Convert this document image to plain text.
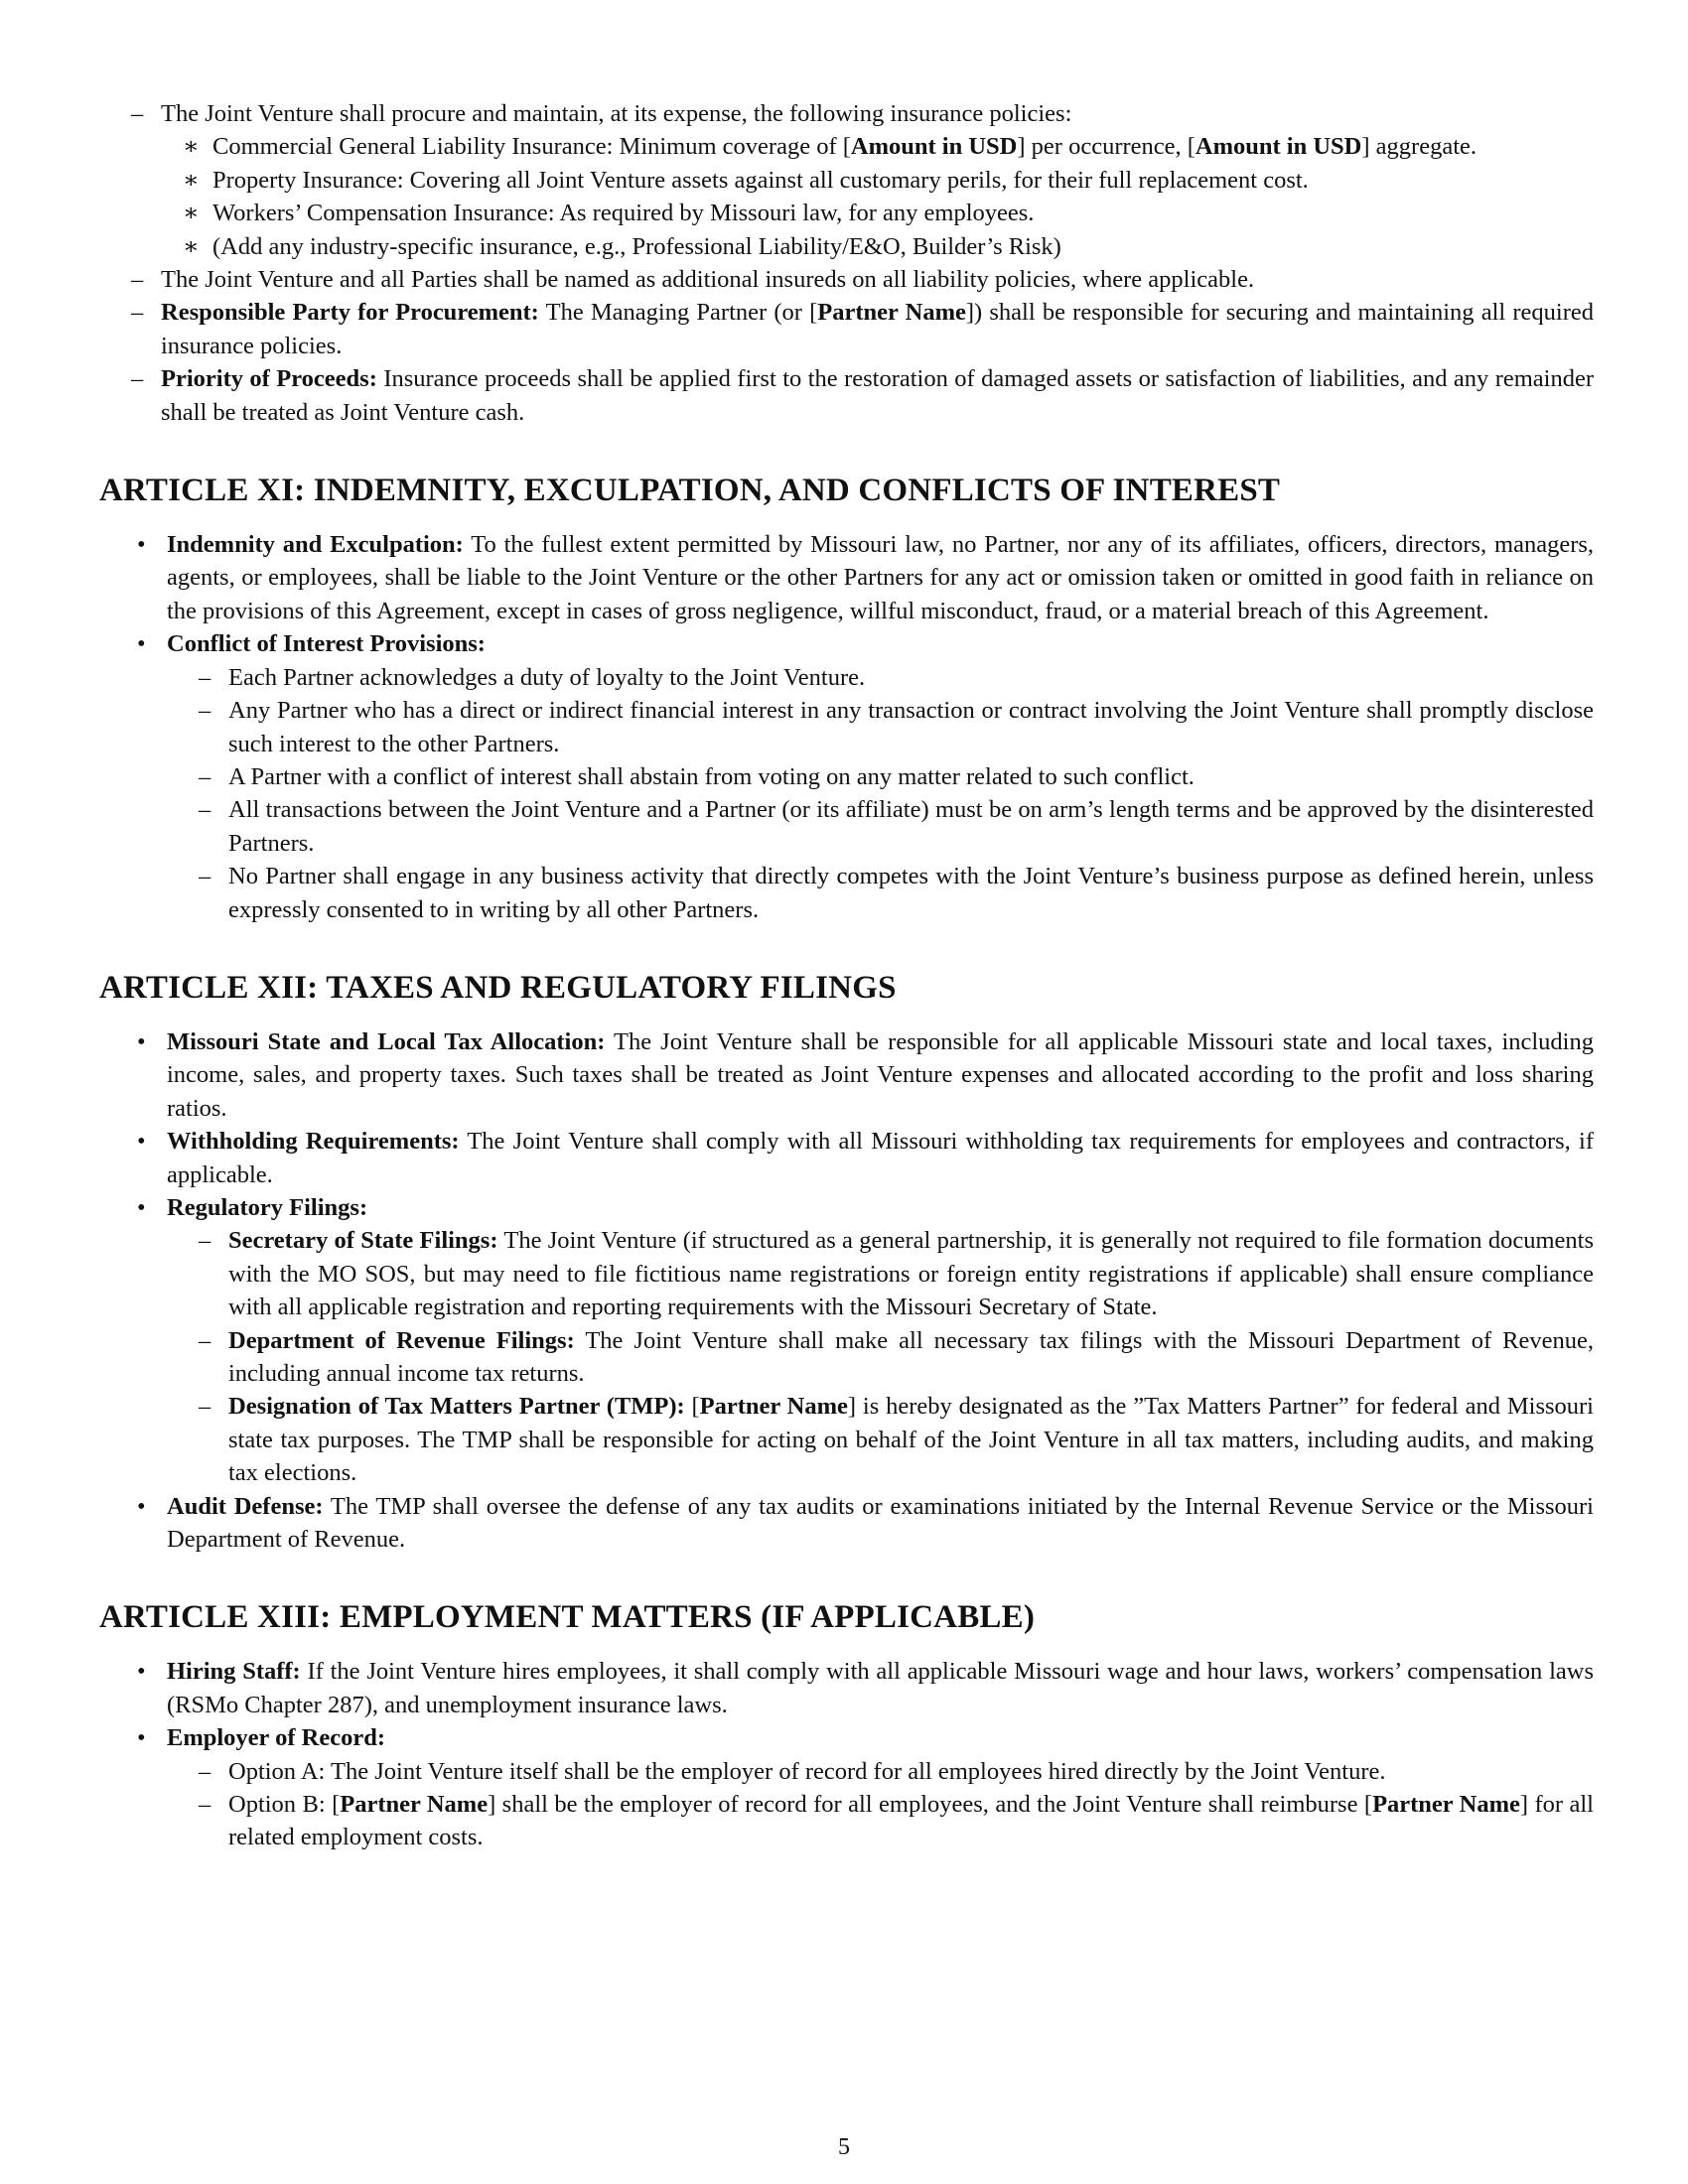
– The Joint Venture shall procure and maintain, at its expense, the following insurance policies:
∗ Commercial General Liability Insurance: Minimum coverage of [Amount in USD] per occurrence, [Amount in USD] aggregate.
∗ Property Insurance: Covering all Joint Venture assets against all customary perils, for their full replacement cost.
∗ Workers’ Compensation Insurance: As required by Missouri law, for any employees.
∗ (Add any industry-specific insurance, e.g., Professional Liability/E&O, Builder’s Risk)
– The Joint Venture and all Parties shall be named as additional insureds on all liability policies, where applicable.
– Responsible Party for Procurement: The Managing Partner (or [Partner Name]) shall be responsible for securing and maintaining all required insurance policies.
– Priority of Proceeds: Insurance proceeds shall be applied first to the restoration of damaged assets or satisfaction of liabilities, and any remainder shall be treated as Joint Venture cash.
ARTICLE XI: INDEMNITY, EXCULPATION, AND CONFLICTS OF INTEREST
• Indemnity and Exculpation: To the fullest extent permitted by Missouri law, no Partner, nor any of its affiliates, officers, directors, managers, agents, or employees, shall be liable to the Joint Venture or the other Partners for any act or omission taken or omitted in good faith in reliance on the provisions of this Agreement, except in cases of gross negligence, willful misconduct, fraud, or a material breach of this Agreement.
• Conflict of Interest Provisions:
– Each Partner acknowledges a duty of loyalty to the Joint Venture.
– Any Partner who has a direct or indirect financial interest in any transaction or contract involving the Joint Venture shall promptly disclose such interest to the other Partners.
– A Partner with a conflict of interest shall abstain from voting on any matter related to such conflict.
– All transactions between the Joint Venture and a Partner (or its affiliate) must be on arm’s length terms and be approved by the disinterested Partners.
– No Partner shall engage in any business activity that directly competes with the Joint Venture’s business purpose as defined herein, unless expressly consented to in writing by all other Partners.
ARTICLE XII: TAXES AND REGULATORY FILINGS
• Missouri State and Local Tax Allocation: The Joint Venture shall be responsible for all applicable Missouri state and local taxes, including income, sales, and property taxes. Such taxes shall be treated as Joint Venture expenses and allocated according to the profit and loss sharing ratios.
• Withholding Requirements: The Joint Venture shall comply with all Missouri withholding tax requirements for employees and contractors, if applicable.
• Regulatory Filings:
– Secretary of State Filings: The Joint Venture (if structured as a general partnership, it is generally not required to file formation documents with the MO SOS, but may need to file fictitious name registrations or foreign entity registrations if applicable) shall ensure compliance with all applicable registration and reporting requirements with the Missouri Secretary of State.
– Department of Revenue Filings: The Joint Venture shall make all necessary tax filings with the Missouri Department of Revenue, including annual income tax returns.
– Designation of Tax Matters Partner (TMP): [Partner Name] is hereby designated as the ”Tax Matters Partner” for federal and Missouri state tax purposes. The TMP shall be responsible for acting on behalf of the Joint Venture in all tax matters, including audits, and making tax elections.
• Audit Defense: The TMP shall oversee the defense of any tax audits or examinations initiated by the Internal Revenue Service or the Missouri Department of Revenue.
ARTICLE XIII: EMPLOYMENT MATTERS (IF APPLICABLE)
• Hiring Staff: If the Joint Venture hires employees, it shall comply with all applicable Missouri wage and hour laws, workers’ compensation laws (RSMo Chapter 287), and unemployment insurance laws.
• Employer of Record:
– Option A: The Joint Venture itself shall be the employer of record for all employees hired directly by the Joint Venture.
– Option B: [Partner Name] shall be the employer of record for all employees, and the Joint Venture shall reimburse [Partner Name] for all related employment costs.
5
